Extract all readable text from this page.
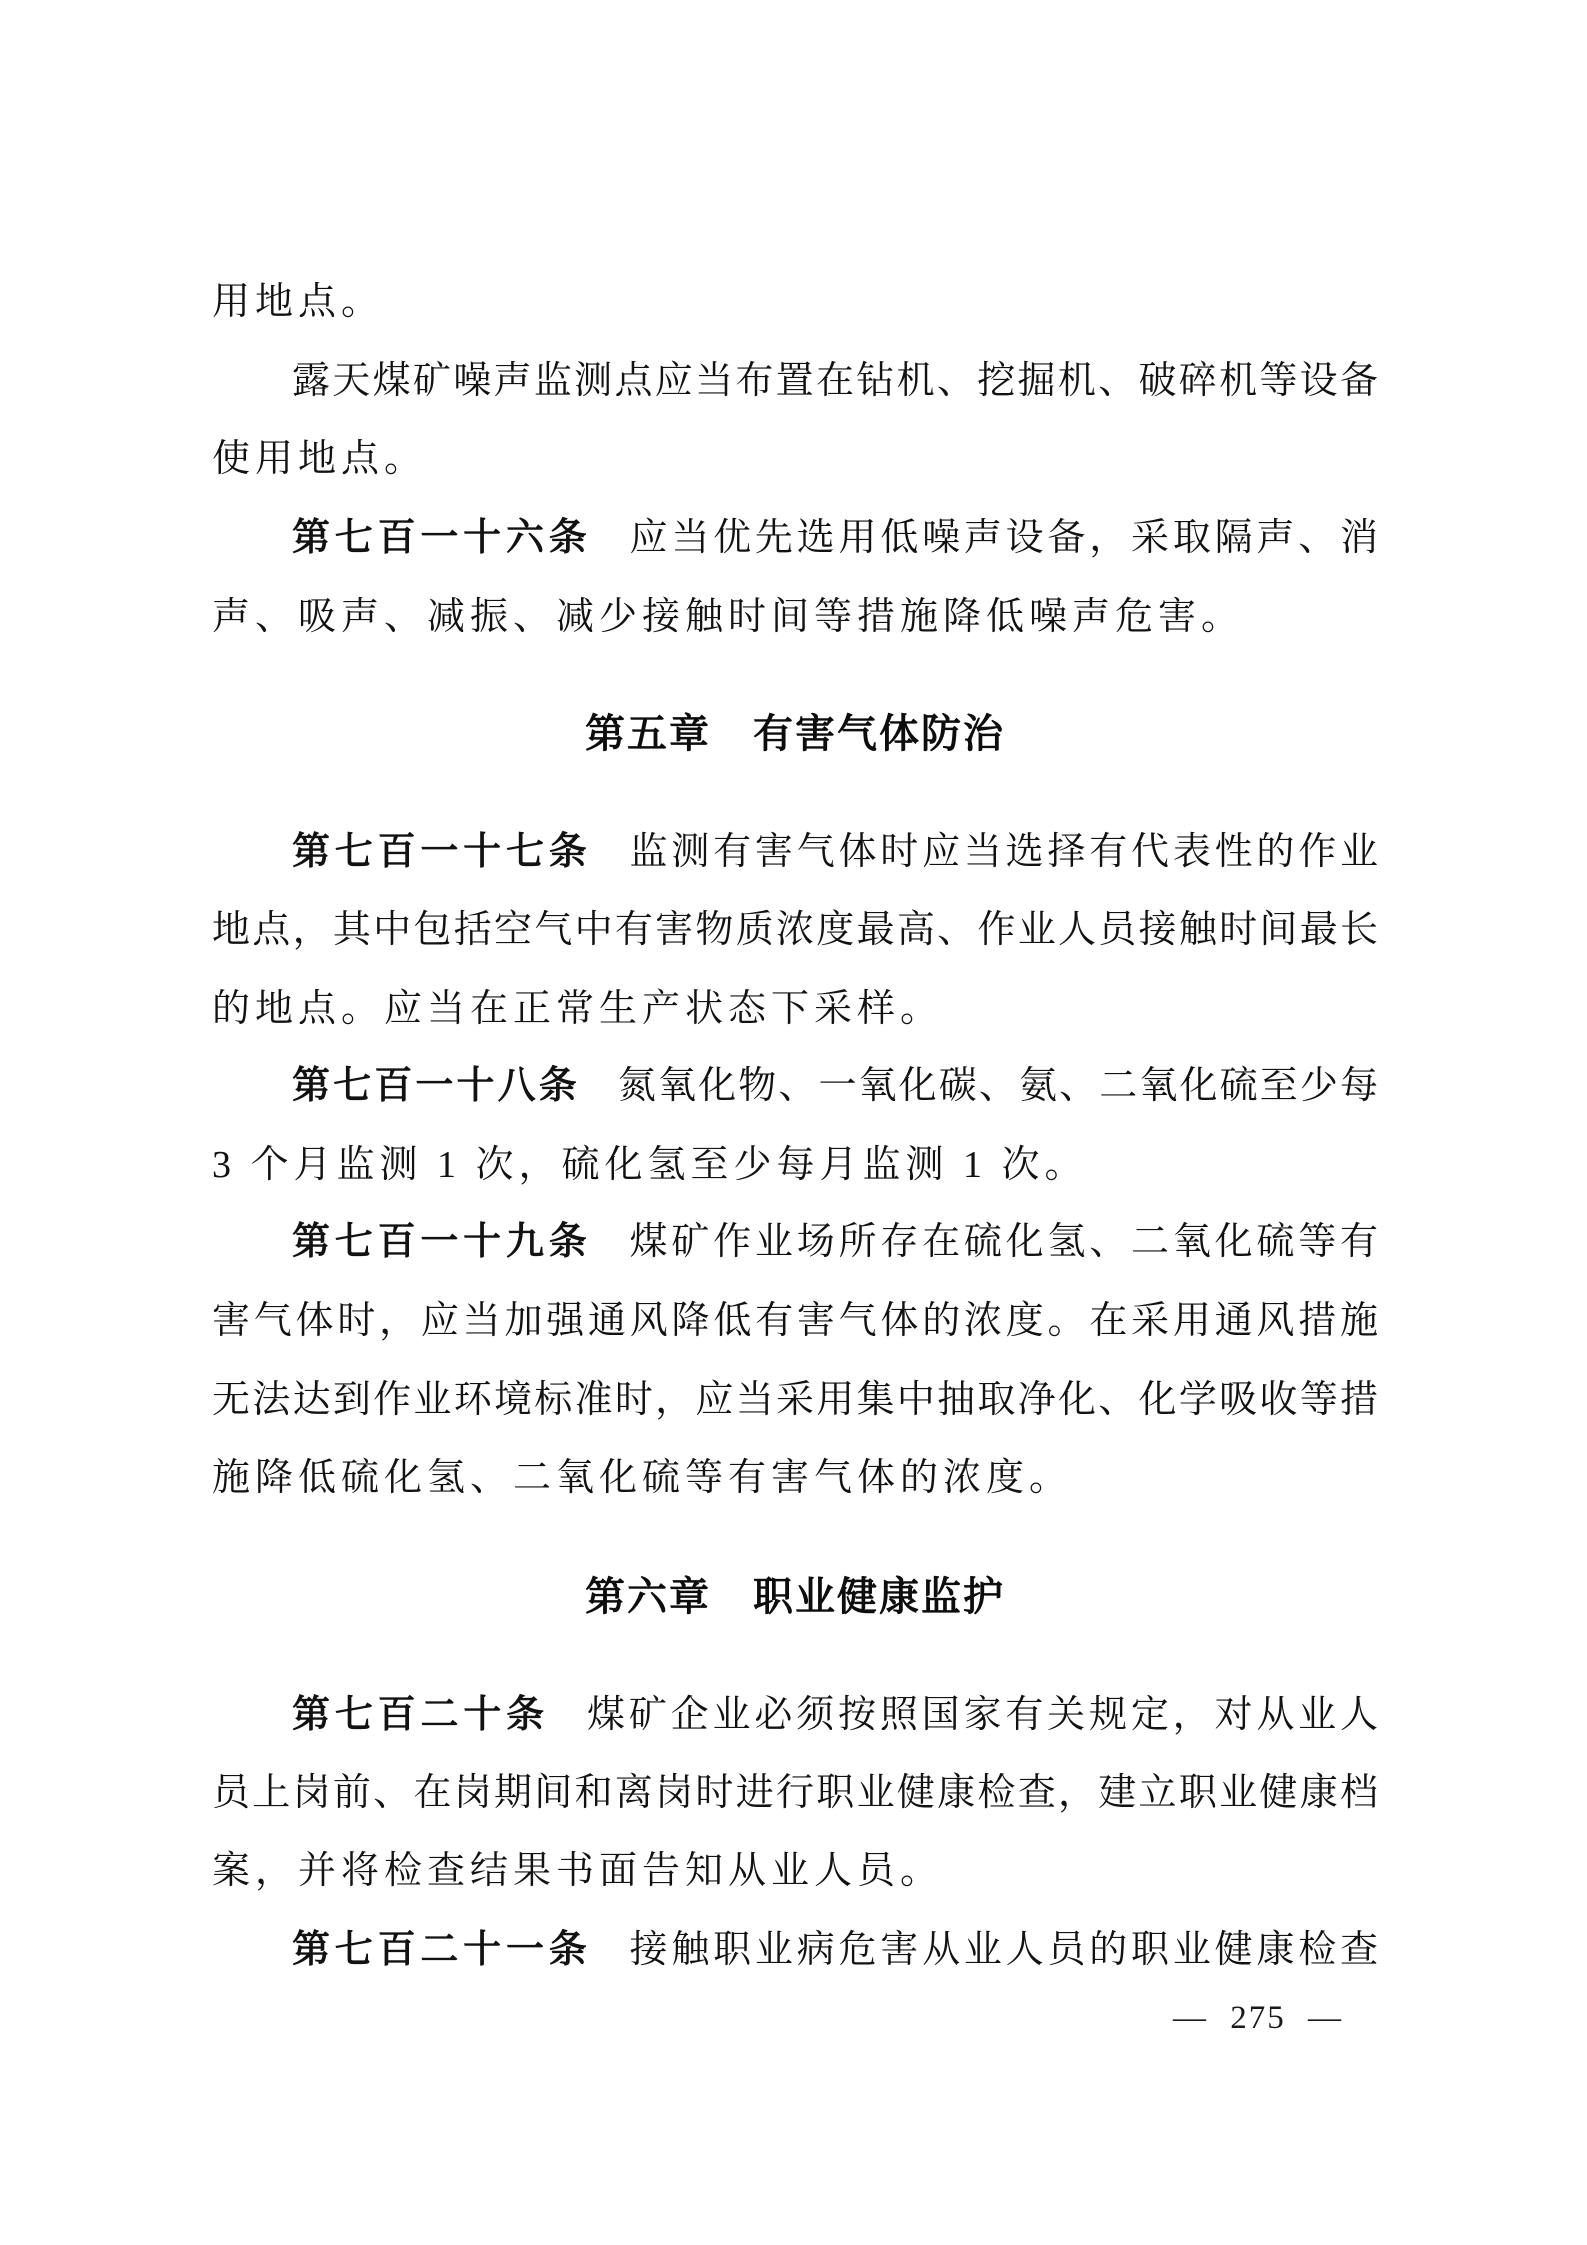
用地点。

露天煤矿噪声监测点应当布置在钻机、挖掘机、破碎机等设备

使用地点。

第七百一十六条 应当优先选用低噪声设备，采取隔声、消

声、吸声、减振、减少接触时间等措施降低噪声危害。

第五章　有害气体防治

第七百一十七条 监测有害气体时应当选择有代表性的作业

地点，其中包括空气中有害物质浓度最高、作业人员接触时间最长

的地点。应当在正常生产状态下采样。

第七百一十八条 氮氧化物、一氧化碳、氨、二氧化硫至少每

3 个月监测 1 次，硫化氢至少每月监测 1 次。

第七百一十九条 煤矿作业场所存在硫化氢、二氧化硫等有

害气体时，应当加强通风降低有害气体的浓度。在采用通风措施

无法达到作业环境标准时，应当采用集中抽取净化、化学吸收等措

施降低硫化氢、二氧化硫等有害气体的浓度。

第六章　职业健康监护

第七百二十条 煤矿企业必须按照国家有关规定，对从业人

员上岗前、在岗期间和离岗时进行职业健康检查，建立职业健康档

案，并将检查结果书面告知从业人员。

第七百二十一条 接触职业病危害从业人员的职业健康检查

— 275 —
